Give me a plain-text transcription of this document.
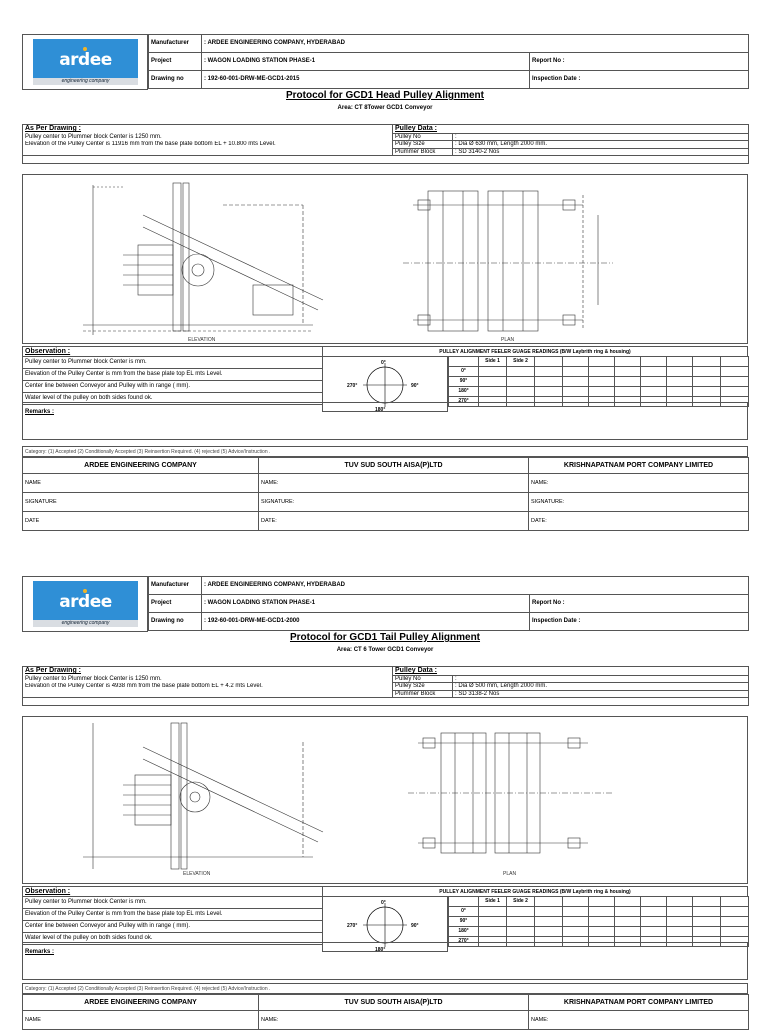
ardee
engineering company
Manufacturer	: ARDEE ENGINEERING COMPANY, HYDERABAD	
Project	: WAGON LOADING STATION PHASE-1	Report No :
Drawing no	: 192-60-001-DRW-ME-GCD1-2015	Inspection Date :
Protocol for GCD1 Head Pulley Alignment
Area: CT 8Tower GCD1 Conveyor
As Per Drawing :	Pulley Data :	
Pulley center to Plummer block Center is 1250 mm.	Pulley No	:
Elevation of the Pulley Center is 11916 mm from the base plate bottom EL + 10.800 mts Level.	Pulley Size	: Dia Ø 630 mm, Length 2000 mm.
	Plummer Block	: SD 3140-2 Nos

ELEVATION	PLAN
Observation :
Pulley center to Plummer block Center is mm.
Elevation of the Pulley Center is mm from the base plate top EL mts Level.
Center line between Conveyor and Pulley with in range ( mm).
Water level of the pulley on both sides found ok.
PULLEY ALIGNMENT FEELER GUAGE READINGS (B/W Laybrith ring & housing)
0°
90°
180°
270°
	Side 1	Side 2								
0°										
90°										
180°										
270°										
Remarks :
Category: (1) Accepted (2) Conditionally Accepted (3) Reinsertion Required. (4) rejected (5) Advice/Instruction .
ARDEE ENGINEERING COMPANY	TUV SUD SOUTH AISA(P)LTD	KRISHNAPATNAM PORT COMPANY LIMITED
NAME	NAME:	NAME:
SIGNATURE	SIGNATURE:	SIGNATURE:
DATE	DATE:	DATE:
ardee
engineering company
Manufacturer	: ARDEE ENGINEERING COMPANY, HYDERABAD	
Project	: WAGON LOADING STATION PHASE-1	Report No :
Drawing no	: 192-60-001-DRW-ME-GCD1-2000	Inspection Date :
Protocol for GCD1 Tail Pulley Alignment
Area: CT 6 Tower GCD1 Conveyor
As Per Drawing :	Pulley Data :	
Pulley center to Plummer block Center is 1250 mm.	Pulley No	:
Elevation of the Pulley Center is 4938 mm from the base plate bottom EL + 4.2 mts Level.	Pulley Size	: Dia Ø 500 mm, Length 2000 mm.
	Plummer Block	: SD 3138-2 Nos

ELEVATION	PLAN
Observation :
Pulley center to Plummer block Center is mm.
Elevation of the Pulley Center is mm from the base plate top EL mts Level.
Center line between Conveyor and Pulley with in range ( mm).
Water level of the pulley on both sides found ok.
PULLEY ALIGNMENT FEELER GUAGE READINGS (B/W Laybrith ring & housing)
0°
90°
180°
270°
	Side 1	Side 2								
0°										
90°										
180°										
270°										
Remarks :
Category: (1) Accepted (2) Conditionally Accepted (3) Reinsertion Required. (4) rejected (5) Advice/Instruction .
ARDEE ENGINEERING COMPANY	TUV SUD SOUTH AISA(P)LTD	KRISHNAPATNAM PORT COMPANY LIMITED
NAME	NAME:	NAME:
